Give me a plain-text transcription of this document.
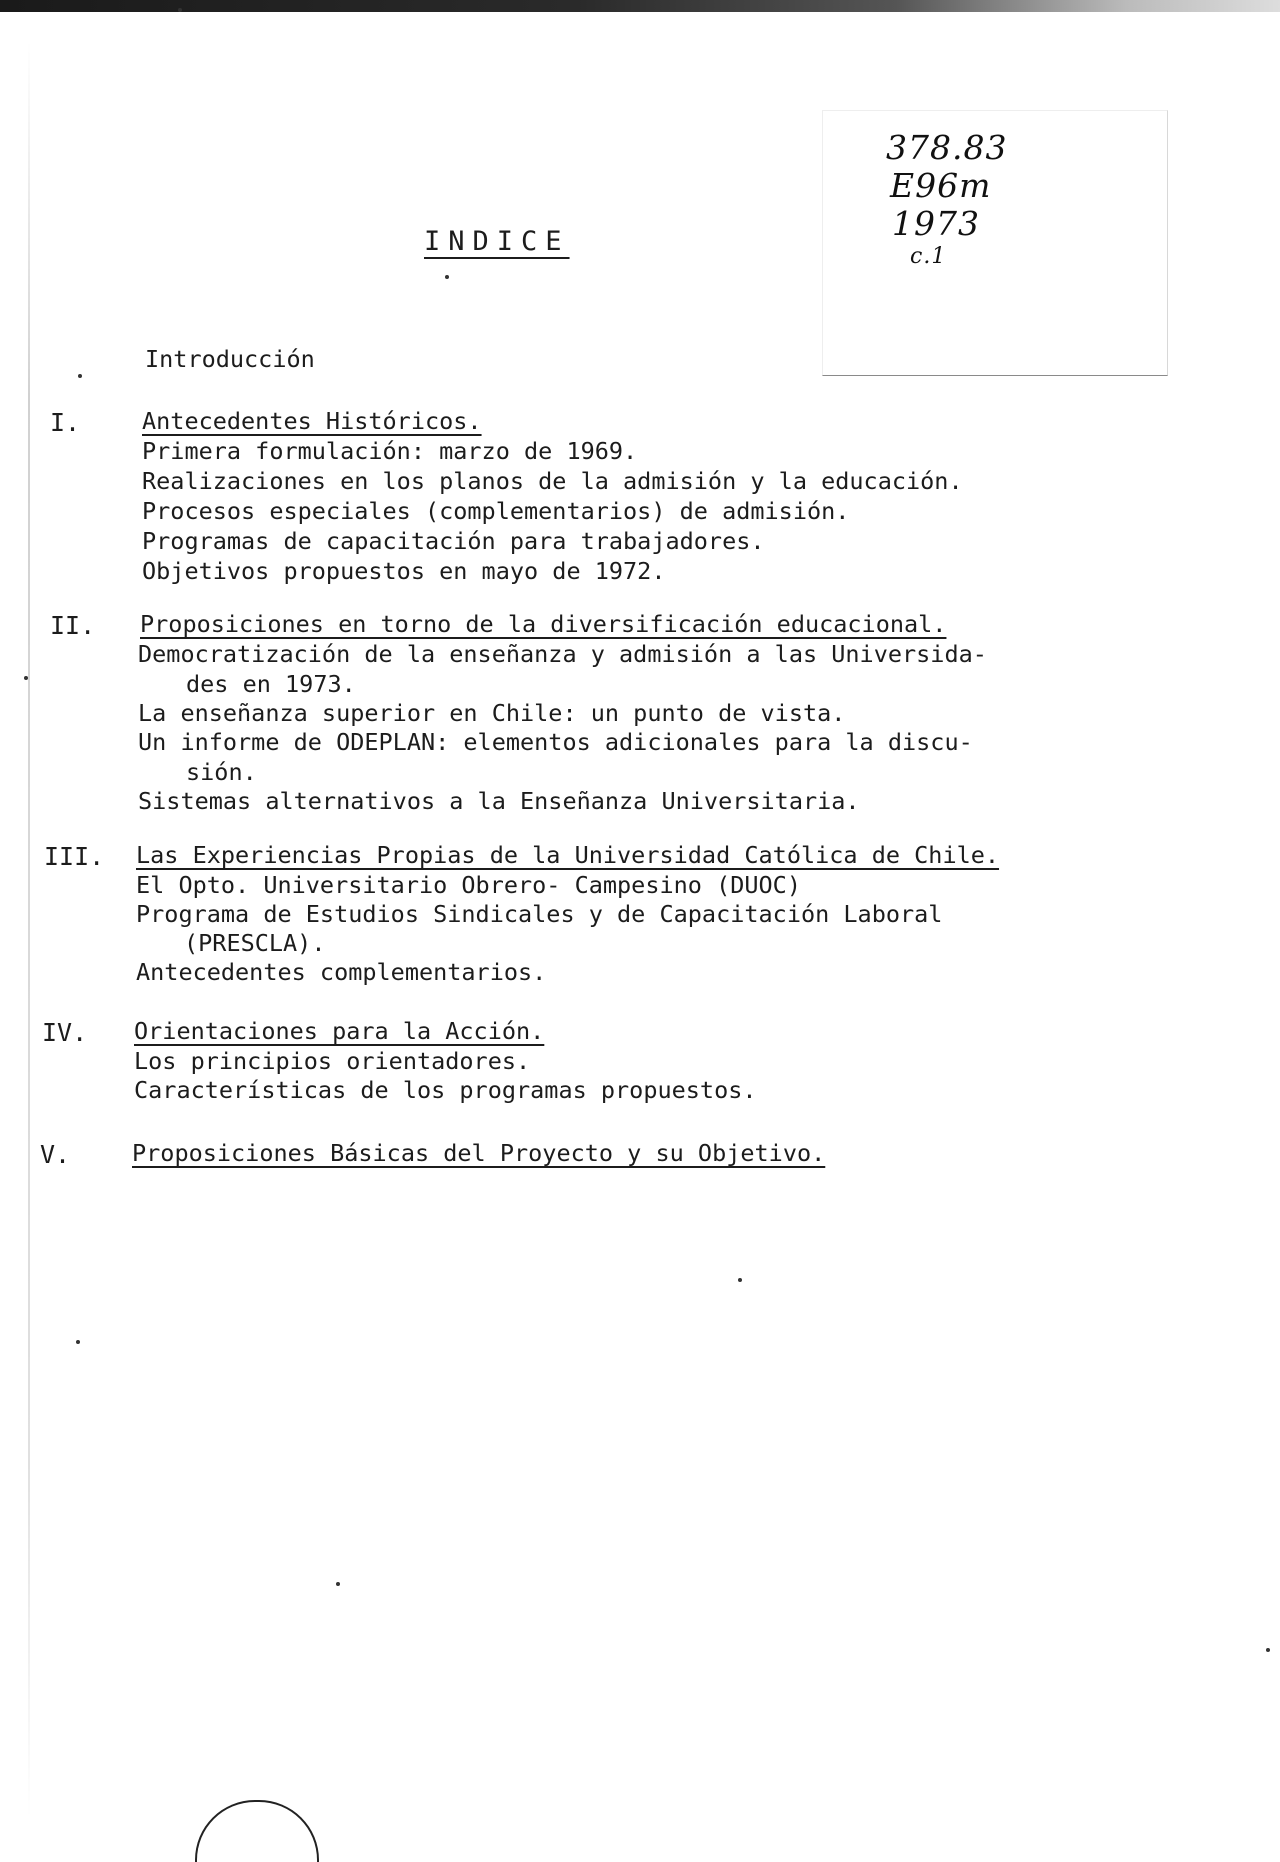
378.83
E96m
1973
c.1
INDICE
Introducción
I.	Antecedentes Históricos.
Primera formulación: marzo de 1969.
Realizaciones en los planos de la admisión y la educación.
Procesos especiales (complementarios) de admisión.
Programas de capacitación para trabajadores.
Objetivos propuestos en mayo de 1972.
II. Proposiciones en torno de la diversificación educacional.
Democratización de la enseñanza y admisión a las Universida-
des en 1973.
La enseñanza superior en Chile: un punto de vista.
Un informe de ODEPLAN: elementos adicionales para la discu-
sión.
Sistemas alternativos a la Enseñanza Universitaria.
III. Las Experiencias Propias de la Universidad Católica de Chile.
El Opto. Universitario Obrero- Campesino (DUOC)
Programa de Estudios Sindicales y de Capacitación Laboral
(PRESCLA).
Antecedentes complementarios.
IV. Orientaciones para la Acción.
Los principios orientadores.
Características de los programas propuestos.
V.	Proposiciones Básicas del Proyecto y su Objetivo.
